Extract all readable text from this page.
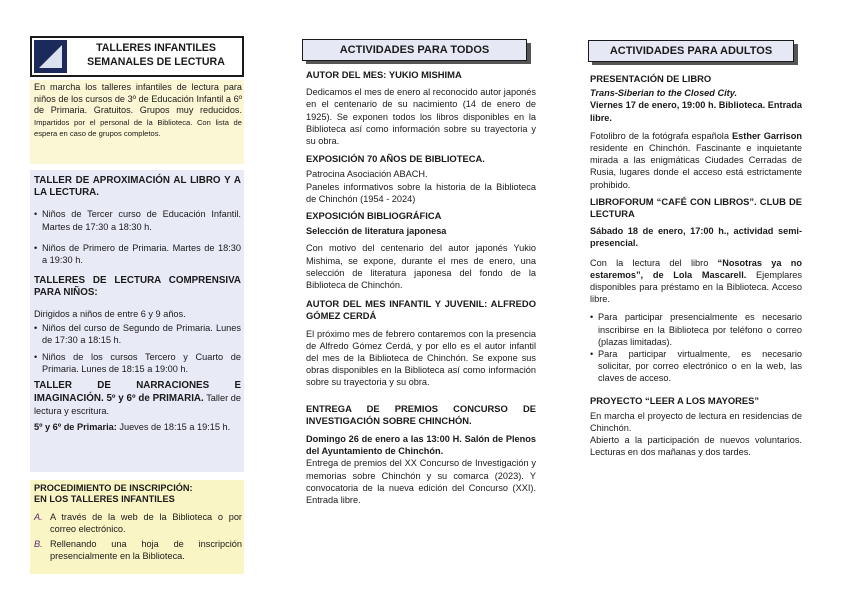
TALLERES INFANTILES
SEMANALES DE LECTURA
En marcha los talleres infantiles de lectura para niños de los cursos de 3º de Educación Infantil a 6º de Primaria. Gratuitos. Grupos muy reducidos. Impartidos por el personal de la Biblioteca. Con lista de espera en caso de grupos completos.
TALLER DE APROXIMACIÓN AL LIBRO Y A LA LECTURA.
• Niños de Tercer curso de Educación Infantil. Martes de 17:30 a 18:30 h.
• Niños de Primero de Primaria. Martes de 18:30 a 19:30 h.
TALLERES DE LECTURA COMPRENSIVA PARA NIÑOS:
Dirigidos a niños de entre 6 y 9 años.
• Niños del curso de Segundo de Primaria. Lunes de 17:30 a 18:15 h.
• Niños de los cursos Tercero y Cuarto de Primaria. Lunes de 18:15 a 19:00 h.
TALLER DE NARRACIONES E IMAGINACIÓN. 5º y 6º de PRIMARIA. Taller de lectura y escritura.
5º y 6º de Primaria: Jueves de 18:15 a 19:15 h.
PROCEDIMIENTO DE INSCRIPCIÓN:
EN LOS TALLERES INFANTILES
A. A través de la web de la Biblioteca o por correo electrónico.
B. Rellenando una hoja de inscripción presencialmente en la Biblioteca.
ACTIVIDADES PARA TODOS
AUTOR DEL MES: YUKIO MISHIMA
Dedicamos el mes de enero al reconocido autor japonés en el centenario de su nacimiento (14 de enero de 1925). Se exponen todos los libros disponibles en la Biblioteca así como información sobre su trayectoria y su obra.
EXPOSICIÓN 70 AÑOS DE BIBLIOTECA.
Patrocina Asociación ABACH.
Paneles informativos sobre la historia de la Biblioteca de Chinchón (1954 - 2024)
EXPOSICIÓN BIBLIOGRÁFICA
Selección de literatura japonesa
Con motivo del centenario del autor japonés Yukio Mishima, se expone, durante el mes de enero, una selección de literatura japonesa del fondo de la Biblioteca de Chinchón.
AUTOR DEL MES INFANTIL Y JUVENIL: ALFREDO GÓMEZ CERDÁ
El próximo mes de febrero contaremos con la presencia de Alfredo Gómez Cerdá, y por ello es el autor infantil del mes de la Biblioteca de Chinchón. Se expone sus obras disponibles en la Biblioteca así como información sobre su trayectoria y su obra.
ENTREGA DE PREMIOS CONCURSO DE INVESTIGACIÓN SOBRE CHINCHÓN.
Domingo 26 de enero a las 13:00 H. Salón de Plenos del Ayuntamiento de Chinchón.
Entrega de premios del XX Concurso de Investigación y memorias sobre Chinchón y su comarca (2023). Y convocatoria de la nueva edición del Concurso (XXI). Entrada libre.
ACTIVIDADES PARA ADULTOS
PRESENTACIÓN DE LIBRO
Trans-Siberian to the Closed City.
Viernes 17 de enero, 19:00 h. Biblioteca. Entrada libre.
Fotolibro de la fotógrafa española Esther Garrison residente en Chinchón. Fascinante e inquietante mirada a las enigmáticas Ciudades Cerradas de Rusia, lugares donde el acceso está estrictamente prohibido.
LIBROFORUM “CAFÉ CON LIBROS”. CLUB DE LECTURA
Sábado 18 de enero, 17:00 h., actividad semi-presencial.
Con la lectura del libro “Nosotras ya no estaremos”, de Lola Mascarell. Ejemplares disponibles para préstamo en la Biblioteca. Acceso libre.
• Para participar presencialmente es necesario inscribirse en la Biblioteca por teléfono o correo (plazas limitadas).
• Para participar virtualmente, es necesario solicitar, por correo electrónico o en la web, las claves de acceso.
PROYECTO “LEER A LOS MAYORES”
En marcha el proyecto de lectura en residencias de Chinchón.
Abierto a la participación de nuevos voluntarios. Lecturas en dos mañanas y dos tardes.
